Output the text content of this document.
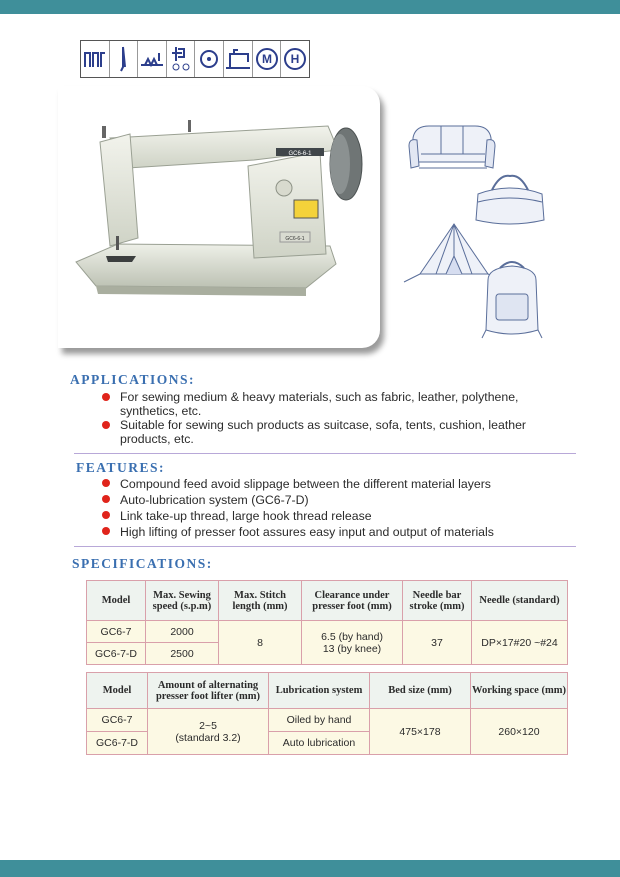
M H
GC6-6-1
GC6-6-1
APPLICATIONS:
For sewing medium & heavy materials, such as fabric, leather, polythene,
synthetics, etc.
Suitable for sewing such products as suitcase, sofa, tents, cushion, leather
products, etc.
FEATURES:
Compound feed avoid slippage between the different material layers
Auto-lubrication system (GC6-7-D)
Link take-up thread, large hook thread release
High lifting of presser foot assures easy input and output of materials
SPECIFICATIONS:
Model	Max. Sewing speed (s.p.m)	Max. Stitch length (mm)	Clearance under presser foot (mm)	Needle bar stroke (mm)	Needle (standard)
GC6-7	2000	8	6.5 (by hand)
13 (by knee)	37	DP×17#20 ~#24
GC6-7-D	2500				
Model	Amount of alternating presser foot lifter (mm)	Lubrication system	Bed size (mm)	Working space (mm)
GC6-7	2~5
(standard 3.2)	Oiled by hand	475×178	260×120
GC6-7-D		Auto lubrication		
